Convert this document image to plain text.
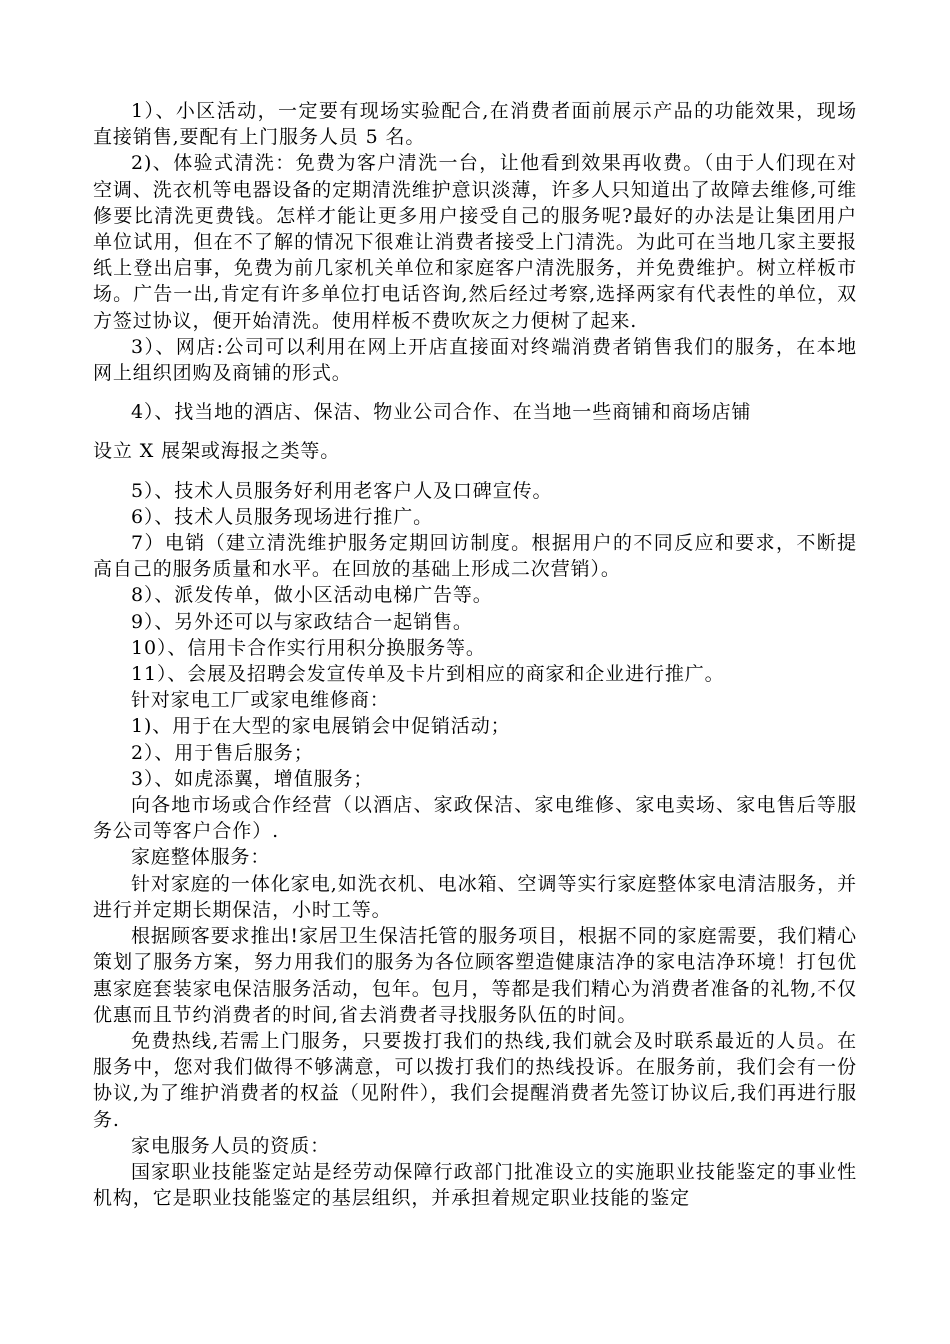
1）、小区活动，一定要有现场实验配合,在消费者面前展示产品的功能效果，现场直接销售,要配有上门服务人员 5 名。

2)、体验式清洗：免费为客户清洗一台，让他看到效果再收费。（由于人们现在对空调、洗衣机等电器设备的定期清洗维护意识淡薄，许多人只知道出了故障去维修,可维修要比清洗更费钱。怎样才能让更多用户接受自己的服务呢?最好的办法是让集团用户单位试用，但在不了解的情况下很难让消费者接受上门清洗。为此可在当地几家主要报纸上登出启事，免费为前几家机关单位和家庭客户清洗服务，并免费维护。树立样板市场。广告一出,肯定有许多单位打电话咨询,然后经过考察,选择两家有代表性的单位，双方签过协议，便开始清洗。使用样板不费吹灰之力便树了起来.

3）、网店:公司可以利用在网上开店直接面对终端消费者销售我们的服务，在本地网上组织团购及商铺的形式。

4）、找当地的酒店、保洁、物业公司合作、在当地一些商铺和商场店铺

设立 X 展架或海报之类等。

5）、技术人员服务好利用老客户人及口碑宣传。

6）、技术人员服务现场进行推广。

7）电销（建立清洗维护服务定期回访制度。根据用户的不同反应和要求，不断提高自己的服务质量和水平。在回放的基础上形成二次营销）。

8）、派发传单，做小区活动电梯广告等。

9）、另外还可以与家政结合一起销售。

10）、信用卡合作实行用积分换服务等。

11）、会展及招聘会发宣传单及卡片到相应的商家和企业进行推广。

针对家电工厂或家电维修商：

1)、用于在大型的家电展销会中促销活动；

2）、用于售后服务；

3）、如虎添翼，增值服务；

向各地市场或合作经营（以酒店、家政保洁、家电维修、家电卖场、家电售后等服务公司等客户合作）.

家庭整体服务：

针对家庭的一体化家电,如洗衣机、电冰箱、空调等实行家庭整体家电清洁服务，并进行并定期长期保洁，小时工等。

根据顾客要求推出!家居卫生保洁托管的服务项目，根据不同的家庭需要，我们精心策划了服务方案，努力用我们的服务为各位顾客塑造健康洁净的家电洁净环境！打包优惠家庭套装家电保洁服务活动，包年。包月，等都是我们精心为消费者准备的礼物,不仅优惠而且节约消费者的时间,省去消费者寻找服务队伍的时间。

免费热线,若需上门服务，只要拨打我们的热线,我们就会及时联系最近的人员。在服务中，您对我们做得不够满意，可以拨打我们的热线投诉。在服务前，我们会有一份协议,为了维护消费者的权益（见附件），我们会提醒消费者先签订协议后,我们再进行服务.

家电服务人员的资质：

国家职业技能鉴定站是经劳动保障行政部门批准设立的实施职业技能鉴定的事业性机构，它是职业技能鉴定的基层组织，并承担着规定职业技能的鉴定
